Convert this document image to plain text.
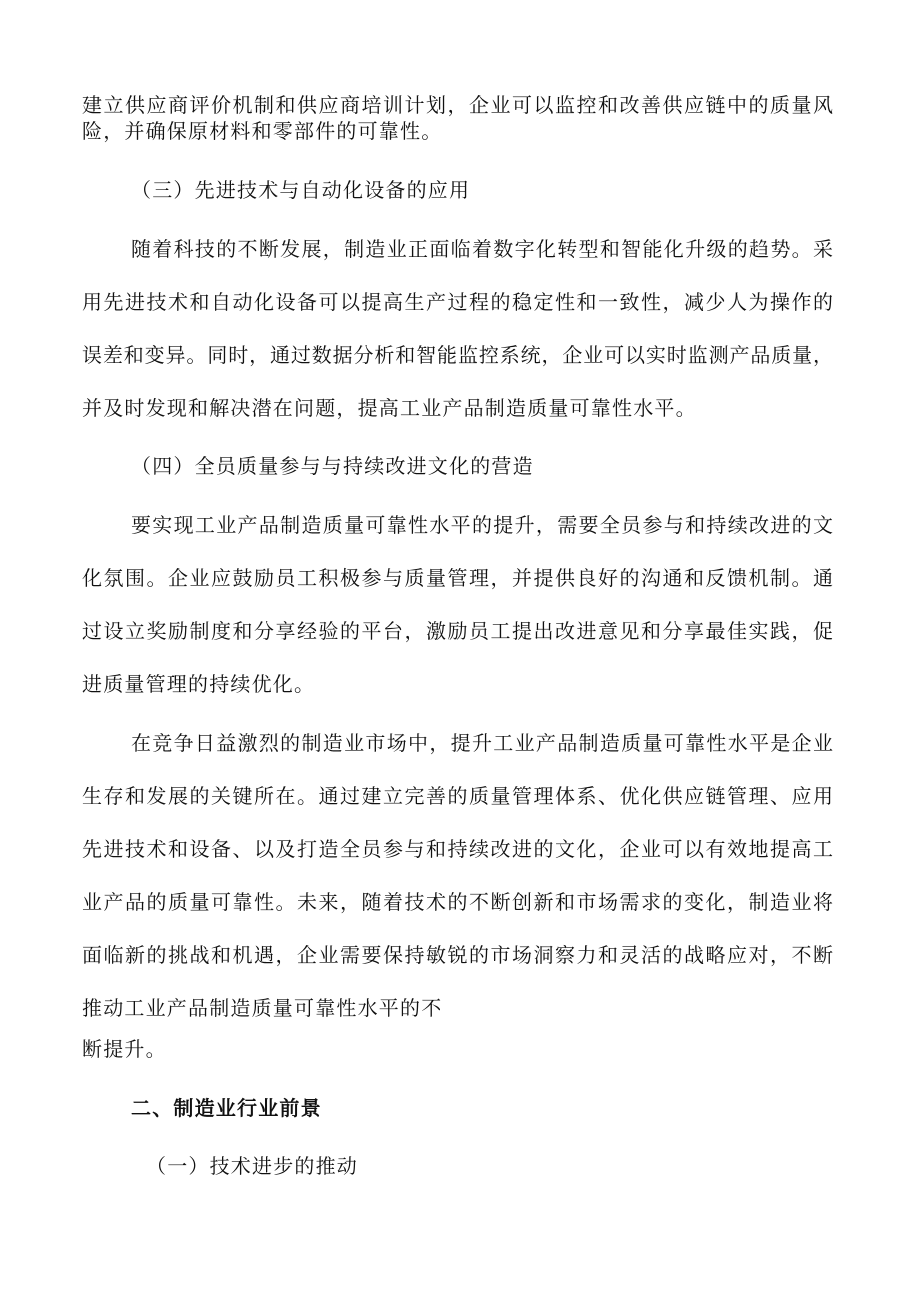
建立供应商评价机制和供应商培训计划，企业可以监控和改善供应链中的质量风
险，并确保原材料和零部件的可靠性。
（三）先进技术与自动化设备的应用
随着科技的不断发展，制造业正面临着数字化转型和智能化升级的趋势。采
用先进技术和自动化设备可以提高生产过程的稳定性和一致性，减少人为操作的
误差和变异。同时，通过数据分析和智能监控系统，企业可以实时监测产品质量，
并及时发现和解决潜在问题，提高工业产品制造质量可靠性水平。
（四）全员质量参与与持续改进文化的营造
要实现工业产品制造质量可靠性水平的提升，需要全员参与和持续改进的文
化氛围。企业应鼓励员工积极参与质量管理，并提供良好的沟通和反馈机制。通
过设立奖励制度和分享经验的平台，激励员工提出改进意见和分享最佳实践，促
进质量管理的持续优化。
在竞争日益激烈的制造业市场中，提升工业产品制造质量可靠性水平是企业
生存和发展的关键所在。通过建立完善的质量管理体系、优化供应链管理、应用
先进技术和设备、以及打造全员参与和持续改进的文化，企业可以有效地提高工
业产品的质量可靠性。未来，随着技术的不断创新和市场需求的变化，制造业将
面临新的挑战和机遇，企业需要保持敏锐的市场洞察力和灵活的战略应对，不断
推动工业产品制造质量可靠性水平的不
断提升。
二、制造业行业前景
（一）技术进步的推动
